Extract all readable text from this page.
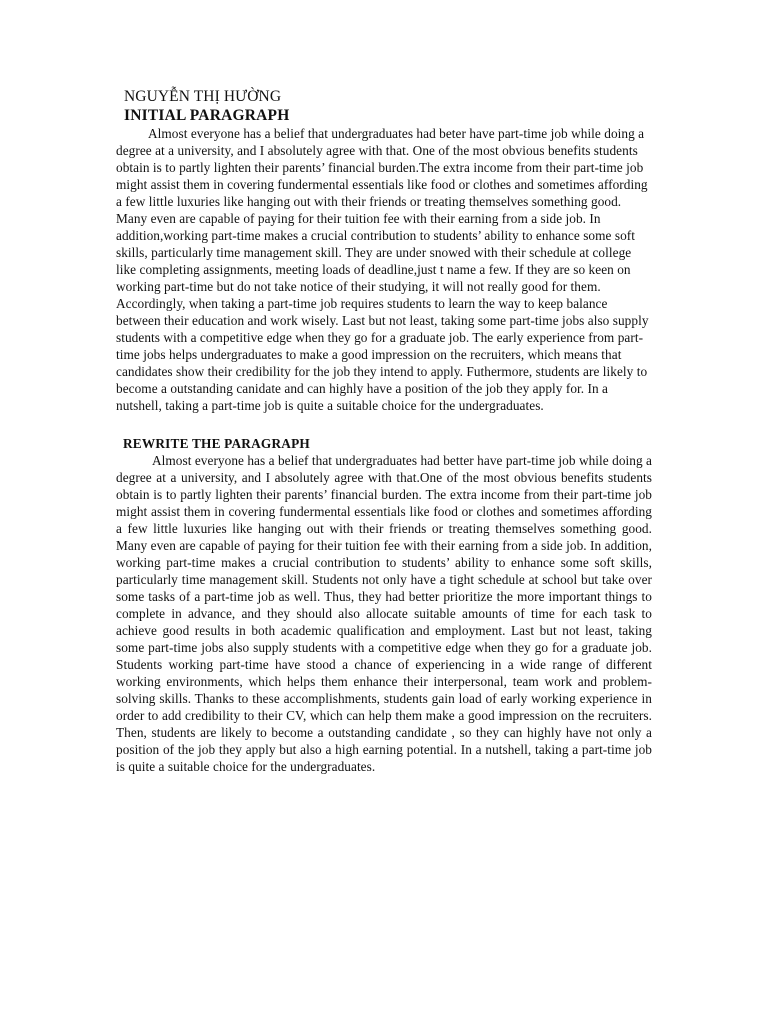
NGUYỄN THỊ HƯỜNG
INITIAL PARAGRAPH

Almost everyone has a belief that undergraduates had beter have part-time job while doing a degree at a university, and I absolutely agree with that. One of the most obvious benefits students obtain is to partly lighten their parents’ financial burden.The extra income from their part-time job might assist them in covering fundermental essentials like food or clothes and sometimes affording a few little luxuries like hanging out with their friends or treating themselves something good. Many even are capable of paying for their tuition fee with their earning from a side job. In addition,working part-time makes a crucial contribution to students’ ability to enhance some soft skills, particularly time management skill. They are under snowed with their schedule at college like completing assignments, meeting loads of deadline,just t name a few. If they are so keen on working part-time but do not take notice of their studying, it will not really good for them. Accordingly, when taking a part-time job requires students to learn the way to keep balance between their education and work wisely. Last but not least, taking some part-time jobs also supply students with a competitive edge when they go for a graduate job. The early experience from part-time jobs helps undergraduates to make a good impression on the recruiters, which means that candidates show their credibility for the job they intend to apply. Futhermore, students are likely to become a outstanding canidate and can highly have a position of the job they apply for. In a nutshell, taking a part-time job is quite a suitable choice for the undergraduates.

REWRITE THE PARAGRAPH

Almost everyone has a belief that undergraduates had better have part-time job while doing a degree at a university, and I absolutely agree with that.One of the most obvious benefits students obtain is to partly lighten their parents’ financial burden. The extra income from their part-time job might assist them in covering fundermental essentials like food or clothes and sometimes affording a few little luxuries like hanging out with their friends or treating themselves something good. Many even are capable of paying for their tuition fee with their earning from a side job. In addition, working part-time makes a crucial contribution to students’ ability to enhance some soft skills, particularly time management skill. Students not only have a tight schedule at school but take over some tasks of a part-time job as well. Thus, they had better prioritize the more important things to complete in advance, and they should also allocate suitable amounts of time for each task to achieve good results in both academic qualification and employment. Last but not least, taking some part-time jobs also supply students with a competitive edge when they go for a graduate job. Students working part-time have stood a chance of experiencing in a wide range of different working environments, which helps them enhance their interpersonal, team work and problem-solving skills. Thanks to these accomplishments, students gain load of early working experience in order to add credibility to their CV, which can help them make a good impression on the recruiters. Then, students are likely to become a outstanding candidate , so they can highly have not only a position of the job they apply but also a high earning potential. In a nutshell, taking a part-time job is quite a suitable choice for the undergraduates.
